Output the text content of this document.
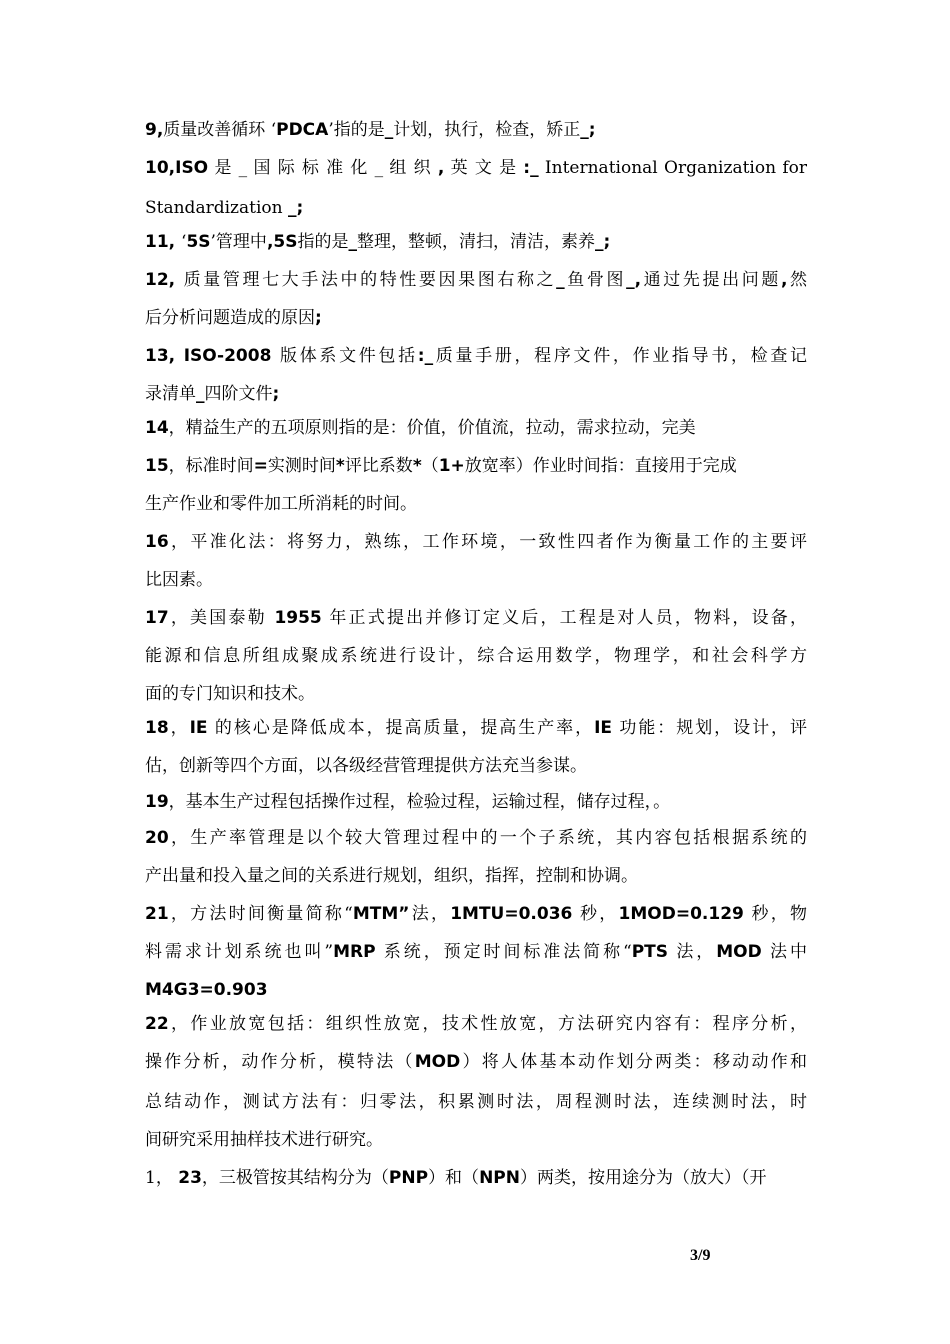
9,质量改善循环 ‘PDCA’指的是_计划，执行，检查，矫正_;
10,ISO 是 _ 国 际 标 准 化 _ 组 织 , 英 文 是 :_ International Organization for
Standardization _;
11, ‘5S’管理中,5S指的是_整理，整顿，清扫，清洁，素养_;
12, 质量管理七大手法中的特性要因果图右称之_鱼骨图_,通过先提出问题,然
后分析问题造成的原因;
13, ISO-2008 版体系文件包括:_质量手册，程序文件，作业指导书，检查记
录清单_四阶文件;
14，精益生产的五项原则指的是：价值，价值流，拉动，需求拉动，完美
15，标准时间=实测时间*评比系数*（1+放宽率）作业时间指：直接用于完成
生产作业和零件加工所消耗的时间。
16，平准化法：将努力，熟练，工作环境，一致性四者作为衡量工作的主要评
比因素。
17，美国泰勒 1955 年正式提出并修订定义后，工程是对人员，物料，设备，
能源和信息所组成聚成系统进行设计，综合运用数学，物理学，和社会科学方
面的专门知识和技术。
18，IE 的核心是降低成本，提高质量，提高生产率，IE 功能：规划，设计，评
估，创新等四个方面，以各级经营管理提供方法充当参谋。
19，基本生产过程包括操作过程，检验过程，运输过程，储存过程，。
20，生产率管理是以个较大管理过程中的一个子系统，其内容包括根据系统的
产出量和投入量之间的关系进行规划，组织，指挥，控制和协调。
21，方法时间衡量简称“MTM”法，1MTU=0.036 秒，1MOD=0.129 秒，物
料需求计划系统也叫”MRP 系统，预定时间标准法简称“PTS 法，MOD 法中
M4G3=0.903
22，作业放宽包括：组织性放宽，技术性放宽，方法研究内容有：程序分析，
操作分析，动作分析，模特法（MOD）将人体基本动作划分两类：移动动作和
总结动作，测试方法有：归零法，积累测时法，周程测时法，连续测时法，时
间研究采用抽样技术进行研究。
1， 23，三极管按其结构分为（PNP）和（NPN）两类，按用途分为（放大）（开
3/9
